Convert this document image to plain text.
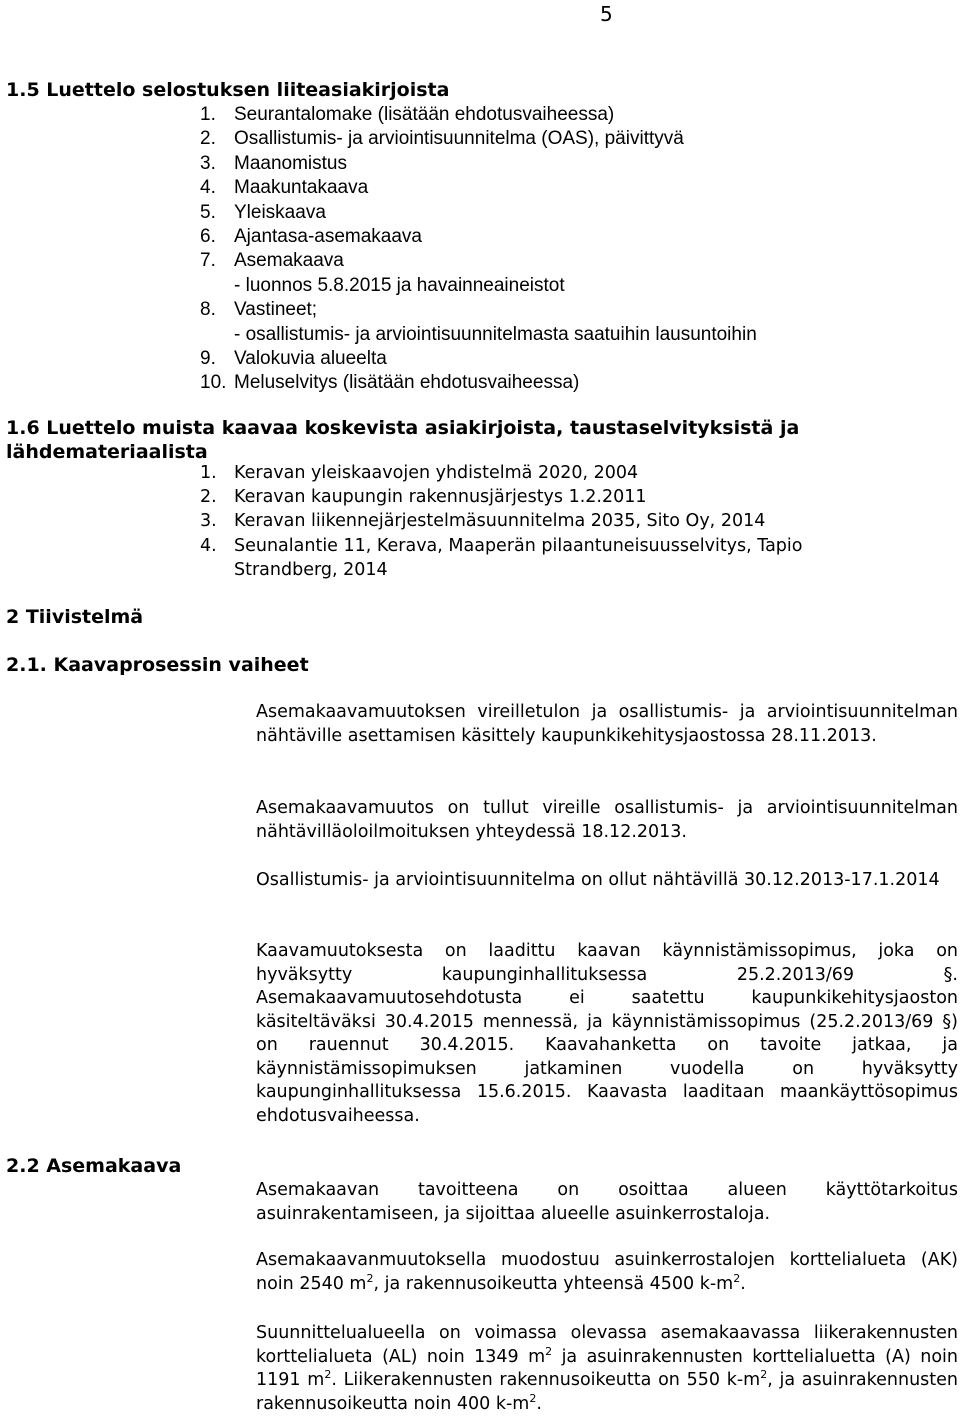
5
1.5 Luettelo selostuksen liiteasiakirjoista
1. Seurantalomake (lisätään ehdotusvaiheessa)
2. Osallistumis- ja arviointisuunnitelma (OAS), päivittyvä
3. Maanomistus
4. Maakuntakaava
5. Yleiskaava
6. Ajantasa-asemakaava
7. Asemakaava
- luonnos 5.8.2015 ja havainneaineistot
8. Vastineet;
- osallistumis- ja arviointisuunnitelmasta saatuihin lausuntoihin
9. Valokuvia alueelta
10. Meluselvitys (lisätään ehdotusvaiheessa)
1.6 Luettelo muista kaavaa koskevista asiakirjoista, taustaselvityksistä ja lähdemateriaalista
1. Keravan yleiskaavojen yhdistelmä 2020, 2004
2. Keravan kaupungin rakennusjärjestys 1.2.2011
3. Keravan liikennejärjestelmäsuunnitelma 2035, Sito Oy, 2014
4. Seunalantie 11, Kerava, Maaperän pilaantuneisuusselvitys, Tapio Strandberg, 2014
2 Tiivistelmä
2.1. Kaavaprosessin vaiheet

Asemakaavamuutoksen vireilletulon ja osallistumis- ja arviointisuunnitelman nähtäville asettamisen käsittely kaupunkikehitysjaostossa 28.11.2013.

Asemakaavamuutos on tullut vireille osallistumis- ja arviointisuunnitelman nähtävilläoloilmoituksen yhteydessä 18.12.2013.

Osallistumis- ja arviointisuunnitelma on ollut nähtävillä 30.12.2013-17.1.2014

Kaavamuutoksesta on laadittu kaavan käynnistämissopimus, joka on hyväksytty kaupunginhallituksessa 25.2.2013/69 §. Asemakaavamuutosehdotusta ei saatettu kaupunkikehitysjaoston käsiteltäväksi 30.4.2015 mennessä, ja käynnistämissopimus (25.2.2013/69 §) on rauennut 30.4.2015. Kaavahanketta on tavoite jatkaa, ja käynnistämissopimuksen jatkaminen vuodella on hyväksytty kaupunginhallituksessa 15.6.2015. Kaavasta laaditaan maankäyttösopimus ehdotusvaiheessa.

2.2 Asemakaava

Asemakaavan tavoitteena on osoittaa alueen käyttötarkoitus asuinrakentamiseen, ja sijoittaa alueelle asuinkerrostaloja.

Asemakaavanmuutoksella muodostuu asuinkerrostalojen korttelialueta (AK) noin 2540 $m^2$, ja rakennusoikeutta yhteensä 4500 $k-m^2$.

Suunnittelualueella on voimassa olevassa asemakaavassa liikerakennusten korttelialueta (AL) noin 1349 $m^2$ ja asuinrakennusten korttelialuetta (A) noin 1191 $m^2$. Liikerakennusten rakennusoikeutta on 550 $k-m^2$, ja asuinrakennusten rakennusoikeutta noin 400 $k-m^2$.
